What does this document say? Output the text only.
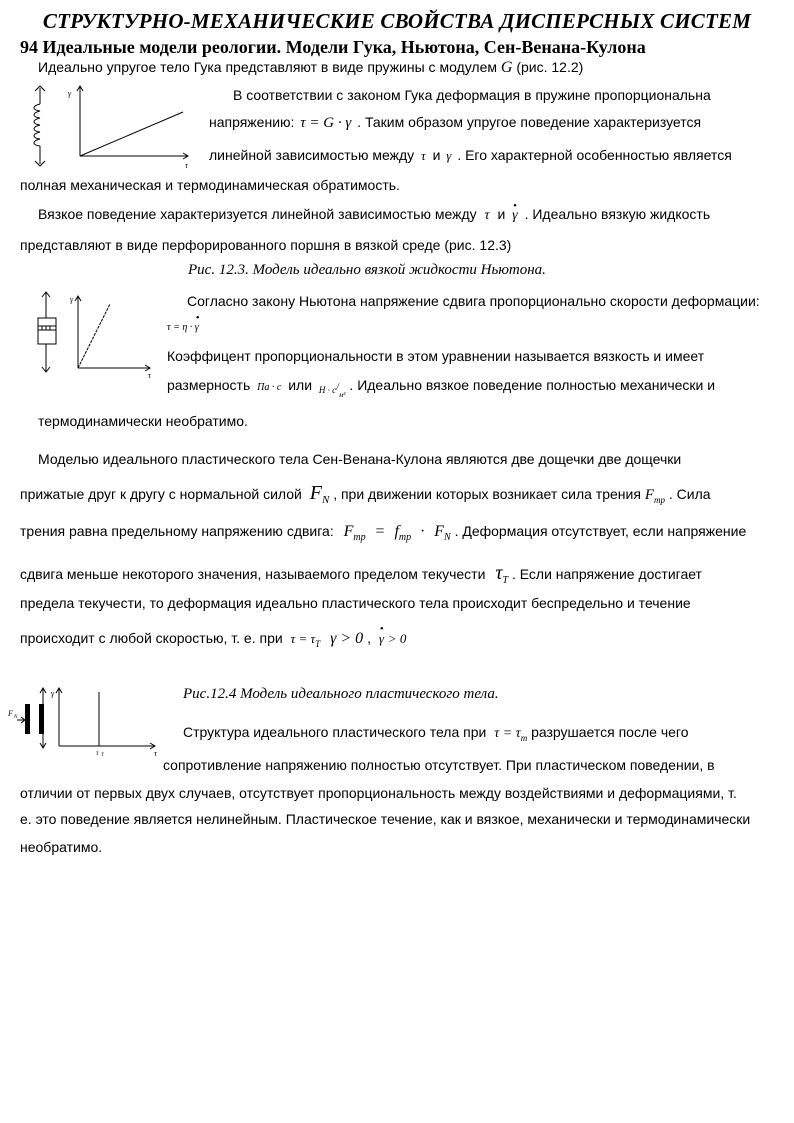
СТРУКТУРНО-МЕХАНИЧЕСКИЕ СВОЙСТВА ДИСПЕРСНЫХ СИСТЕМ
94 Идеальные модели реологии. Модели Гука, Ньютона, Сен-Венана-Кулона
Идеально упругое тело Гука представляют в виде пружины с модулем G (рис. 12.2)
γ
τ
В соответствии с законом Гука деформация в пружине пропорциональна
напряжению: τ = G · γ . Таким образом упругое поведение характеризуется
линейной зависимостью между τ и γ . Его характерной особенностью является
полная механическая и термодинамическая обратимость.
Вязкое поведение характеризуется линейной зависимостью между τ и • γ . Идеально вязкую жидкость
представляют в виде перфорированного поршня в вязкой среде (рис. 12.3)
Рис. 12.3. Модель идеально вязкой жидкости Ньютона.
γ
τ
Согласно закону Ньютона напряжение сдвига пропорционально скорости деформации:
τ = η · • γ
Коэффицент пропорциональности в этом уравнении называется вязкость и имеет
размерность Па · с или $_{Н \cdot с}/_{м^2}$ . Идеально вязкое поведение полностью механически и
термодинамически необратимо.
Моделью идеального пластического тела Сен-Венана-Кулона являются две дощечки две дощечки
прижатые друг к другу с нормальной силой $F_N$ , при движении которых возникает сила трения $F_{тр}$ . Сила
трения равна предельному напряжению сдвига: $F_{тр} = f_{тр} \cdot F_N$ . Деформация отсутствует, если напряжение
сдвига меньше некоторого значения, называемого пределом текучести $\tau_T$ . Если напряжение достигает
предела текучести, то деформация идеально пластического тела происходит беспредельно и течение
происходит с любой скоростью, т. е. при $\tau = \tau_T$ γ > 0 , • γ > 0
F N
γ
τ
τ T
Рис.12.4 Модель идеального пластического тела.
Структура идеального пластического тела при $\tau = \tau_m$ разрушается после чего
сопротивление напряжению полностью отсутствует. При пластическом поведении, в
отличии от первых двух случаев, отсутствует пропорциональность между воздействиями и деформациями, т.
е. это поведение является нелинейным. Пластическое течение, как и вязкое, механически и термодинамически
необратимо.
